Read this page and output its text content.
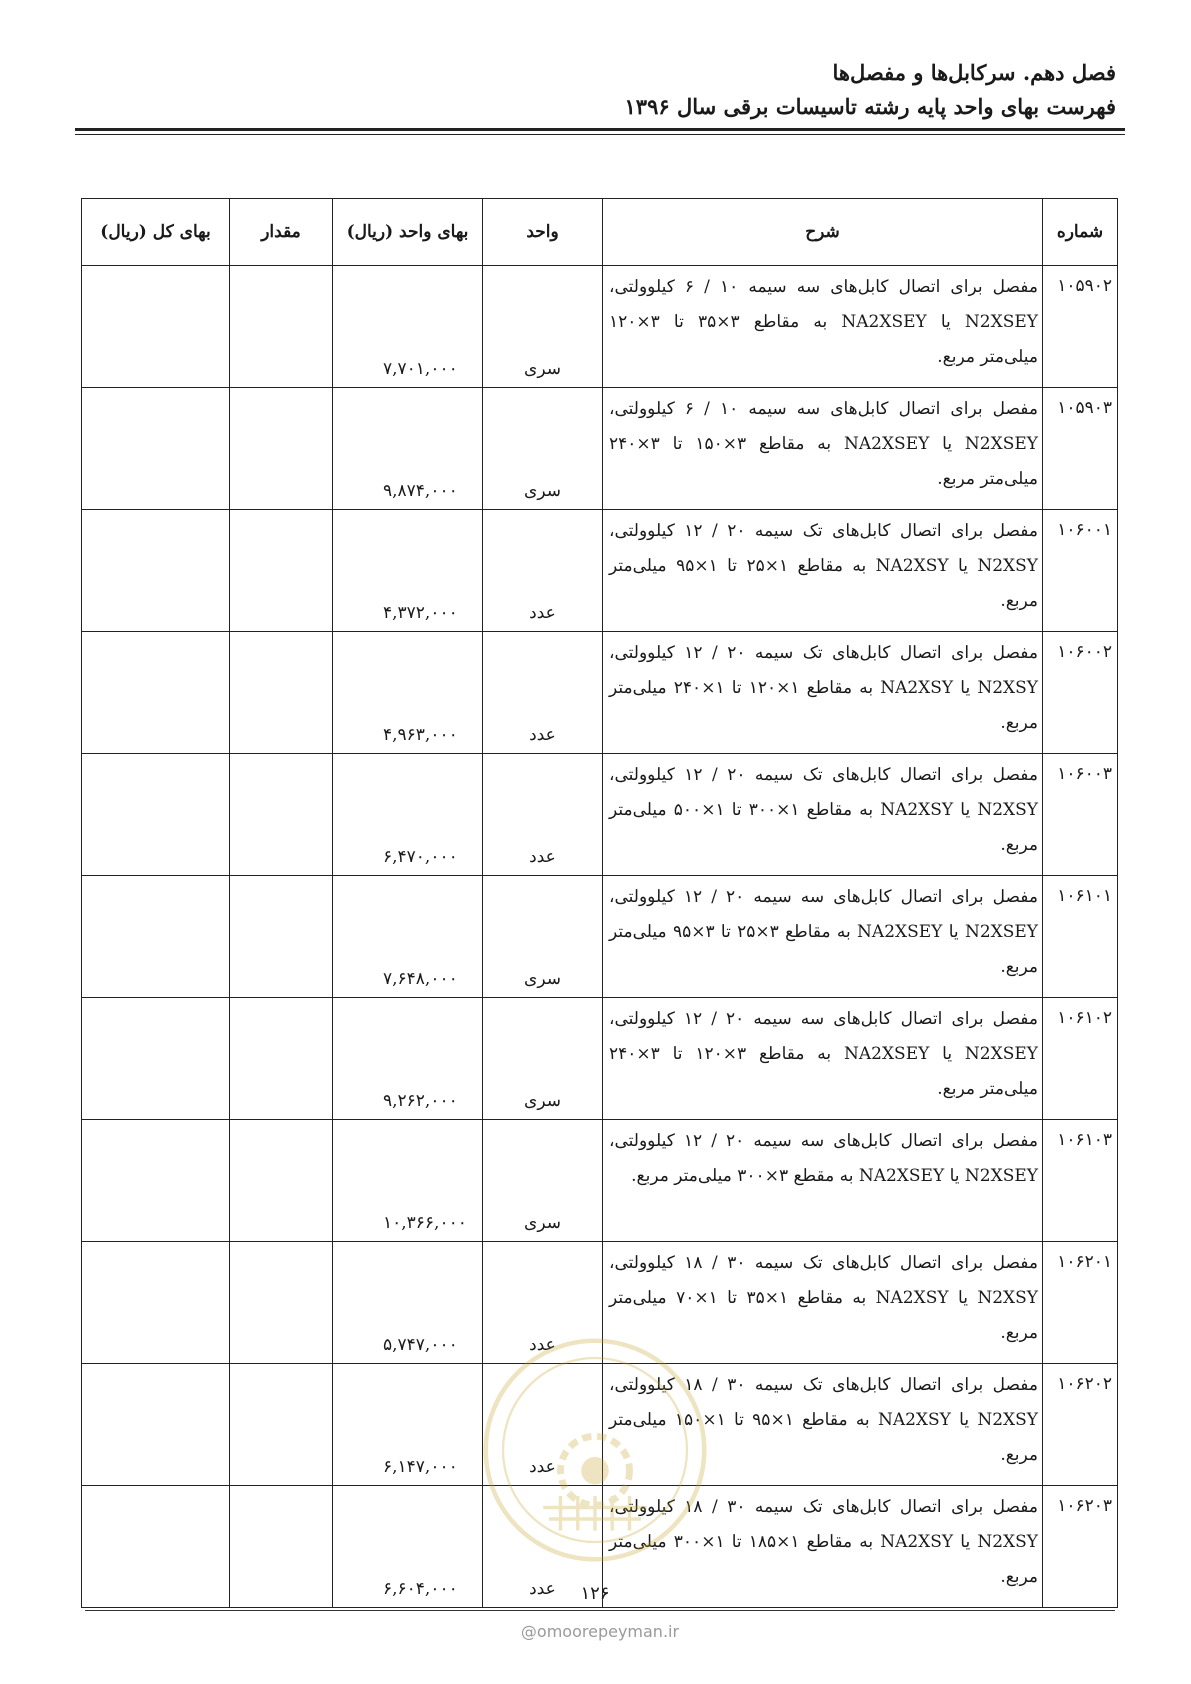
فصل دهم. سرکابل‌ها و مفصل‌ها
فهرست بهای واحد پایه رشته تاسیسات برقی سال ۱۳۹۶
شماره	شرح	واحد	بهای واحد (ریال)	مقدار	بهای کل (ریال)
۱۰۵۹۰۲	مفصل برای اتصال کابل‌های سه سیمه ۱۰ / ۶ کیلوولتی، N2XSEY یا NA2XSEY به مقاطع ۳×۳۵ تا ۳×۱۲۰ میلی‌متر مربع.	سری	۷,۷۰۱,۰۰۰		
۱۰۵۹۰۳	مفصل برای اتصال کابل‌های سه سیمه ۱۰ / ۶ کیلوولتی، N2XSEY یا NA2XSEY به مقاطع ۳×۱۵۰ تا ۳×۲۴۰ میلی‌متر مربع.	سری	۹,۸۷۴,۰۰۰		
۱۰۶۰۰۱	مفصل برای اتصال کابل‌های تک سیمه ۲۰ / ۱۲ کیلوولتی، N2XSY یا NA2XSY به مقاطع ۱×۲۵ تا ۱×۹۵ میلی‌متر مربع.	عدد	۴,۳۷۲,۰۰۰		
۱۰۶۰۰۲	مفصل برای اتصال کابل‌های تک سیمه ۲۰ / ۱۲ کیلوولتی، N2XSY یا NA2XSY به مقاطع ۱×۱۲۰ تا ۱×۲۴۰ میلی‌متر مربع.	عدد	۴,۹۶۳,۰۰۰		
۱۰۶۰۰۳	مفصل برای اتصال کابل‌های تک سیمه ۲۰ / ۱۲ کیلوولتی، N2XSY یا NA2XSY به مقاطع ۱×۳۰۰ تا ۱×۵۰۰ میلی‌متر مربع.	عدد	۶,۴۷۰,۰۰۰		
۱۰۶۱۰۱	مفصل برای اتصال کابل‌های سه سیمه ۲۰ / ۱۲ کیلوولتی، N2XSEY یا NA2XSEY به مقاطع ۳×۲۵ تا ۳×۹۵ میلی‌متر مربع.	سری	۷,۶۴۸,۰۰۰		
۱۰۶۱۰۲	مفصل برای اتصال کابل‌های سه سیمه ۲۰ / ۱۲ کیلوولتی، N2XSEY یا NA2XSEY به مقاطع ۳×۱۲۰ تا ۳×۲۴۰ میلی‌متر مربع.	سری	۹,۲۶۲,۰۰۰		
۱۰۶۱۰۳	مفصل برای اتصال کابل‌های سه سیمه ۲۰ / ۱۲ کیلوولتی، N2XSEY یا NA2XSEY به مقطع ۳×۳۰۰ میلی‌متر مربع.	سری	۱۰,۳۶۶,۰۰۰		
۱۰۶۲۰۱	مفصل برای اتصال کابل‌های تک سیمه ۳۰ / ۱۸ کیلوولتی، N2XSY یا NA2XSY به مقاطع ۱×۳۵ تا ۱×۷۰ میلی‌متر مربع.	عدد	۵,۷۴۷,۰۰۰		
۱۰۶۲۰۲	مفصل برای اتصال کابل‌های تک سیمه ۳۰ / ۱۸ کیلوولتی، N2XSY یا NA2XSY به مقاطع ۱×۹۵ تا ۱×۱۵۰ میلی‌متر مربع.	عدد	۶,۱۴۷,۰۰۰		
۱۰۶۲۰۳	مفصل برای اتصال کابل‌های تک سیمه ۳۰ / ۱۸ کیلوولتی، N2XSY یا NA2XSY به مقاطع ۱×۱۸۵ تا ۱×۳۰۰ میلی‌متر مربع.	عدد	۶,۶۰۴,۰۰۰			۱۲۶
@omoorepeyman.ir
